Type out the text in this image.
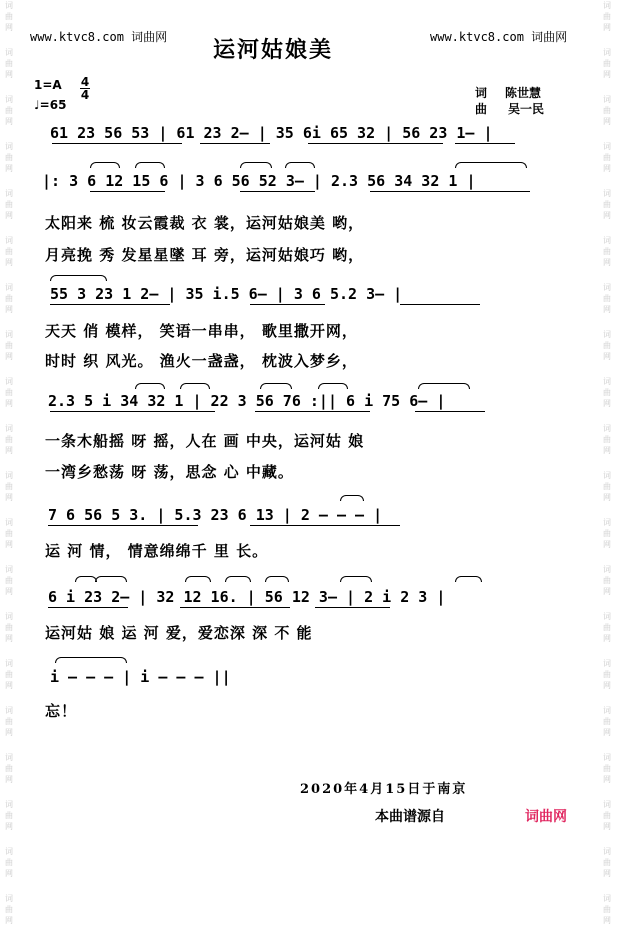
词
曲
网
词
曲
网
词
曲
网
词
曲
网
词
曲
网
词
曲
网
词
曲
网
词
曲
网
词
曲
网
词
曲
网
词
曲
网
词
曲
网
词
曲
网
词
曲
网
词
曲
网
词
曲
网
词
曲
网
词
曲
网
词
曲
网
词
曲
网
词
曲
网
词
曲
网
词
曲
网
词
曲
网
词
曲
网
词
曲
网
词
曲
网
词
曲
网
词
曲
网
词
曲
网
词
曲
网
词
曲
网
词
曲
网
词
曲
网
词
曲
网
词
曲
网
词
曲
网
词
曲
网
词
曲
网
词
曲
网
www.ktvc8.com 词曲网	www.ktvc8.com 词曲网
运河姑娘美
1=A 4
4
♩=65
词 陈世慧
曲 吴一民
61 23 56 53 | 61 23 2— | 35 6i 65 32 | 56 23 1— |
|: 3 6 12 15 6 | 3 6 56 52 3— | 2.3 56 34 32 1 |
太阳来 梳 妆云霞裁 衣 裳，运河姑娘美 哟，
月亮挽 秀 发星星墜 耳 旁，运河姑娘巧 哟，
55 3 23 1 2— | 35 i.5 6— | 3 6 5.2 3— |
天天 俏 模样， 笑语一串串， 歌里撒开网，
时时 织 风光。 渔火一盏盏， 枕波入梦乡，
2.3 5 i 34 32 1 | 22 3 56 76 :|| 6 i 75 6— |
一条木船摇 呀 摇，人在 画 中央，运河姑 娘
一湾乡愁荡 呀 荡，思念 心 中藏。
7 6 56 5 3. | 5.3 23 6 13 | 2 — — — |
运 河 情， 情意绵绵千 里 长。
6 i 23 2— | 32 12 16. | 56 12 3— | 2 i 2 3 |
运河姑 娘 运 河 爱，爱恋深 深 不 能
i — — — | i — — — ||
忘！
2020年4月15日于南京
本曲谱源自	词曲网
